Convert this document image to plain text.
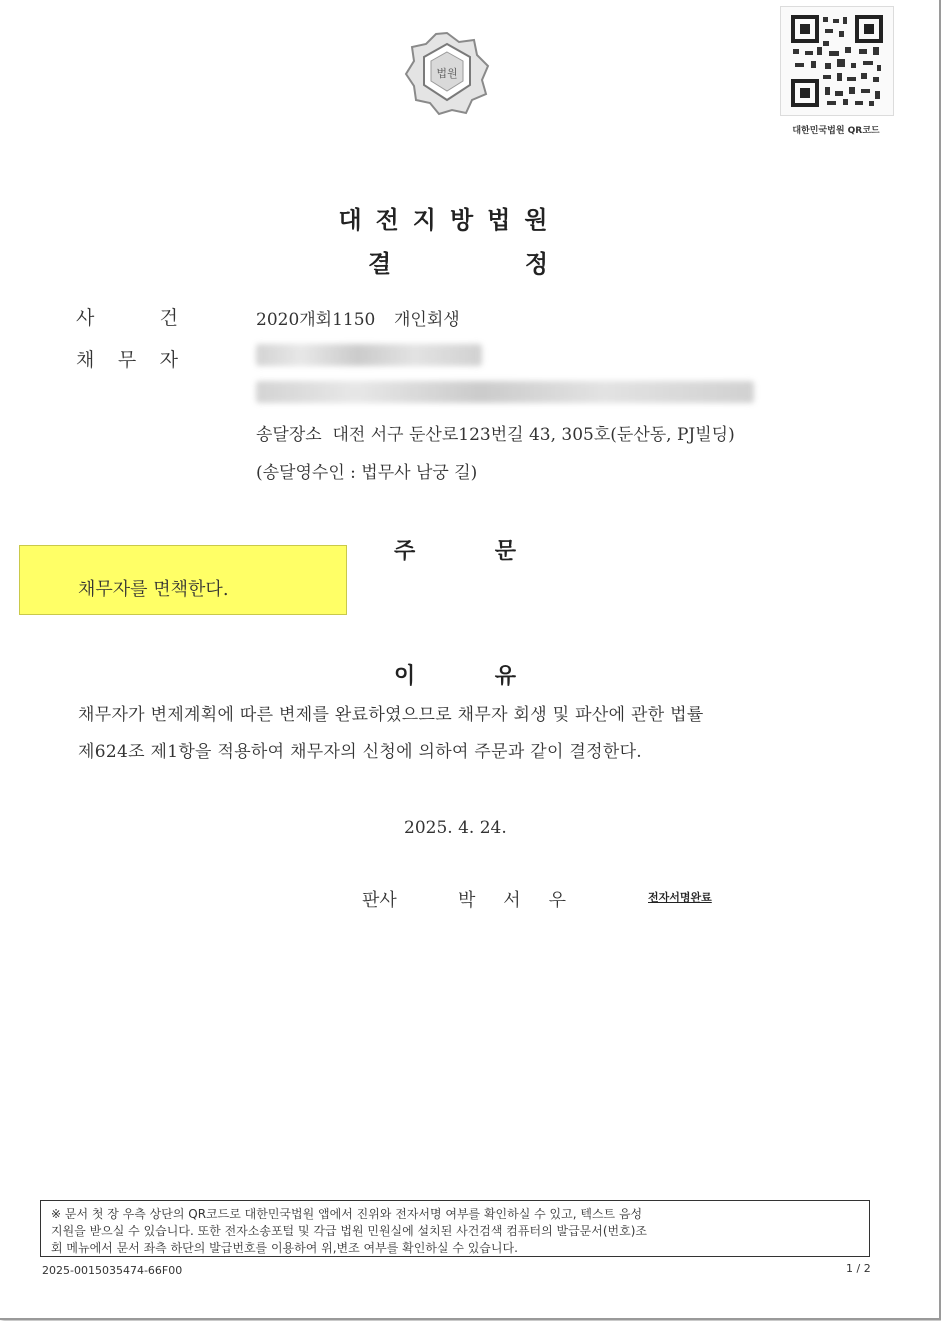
법원
대한민국법원 QR코드
대전지방법원
결	정
사	건	2020개회1150 개인회생
채 무 자
송달장소  대전 서구 둔산로123번길 43, 305호(둔산동, PJ빌딩)
(송달영수인 : 법무사 남궁 길)
주	문
채무자를 면책한다.
이	유
채무자가 변제계획에 따른 변제를 완료하였으므로 채무자 회생 및 파산에 관한 법률
제624조 제1항을 적용하여 채무자의 신청에 의하여 주문과 같이 결정한다.
2025. 4. 24.
판사	박 서 우	전자서명완료
※ 문서 첫 장 우측 상단의 QR코드로 대한민국법원 앱에서 진위와 전자서명 여부를 확인하실 수 있고, 텍스트 음성
지원을 받으실 수 있습니다. 또한 전자소송포털 및 각급 법원 민원실에 설치된 사건검색 컴퓨터의 발급문서(번호)조
회 메뉴에서 문서 좌측 하단의 발급번호를 이용하여 위,변조 여부를 확인하실 수 있습니다.
2025-0015035474-66F00	1 / 2
